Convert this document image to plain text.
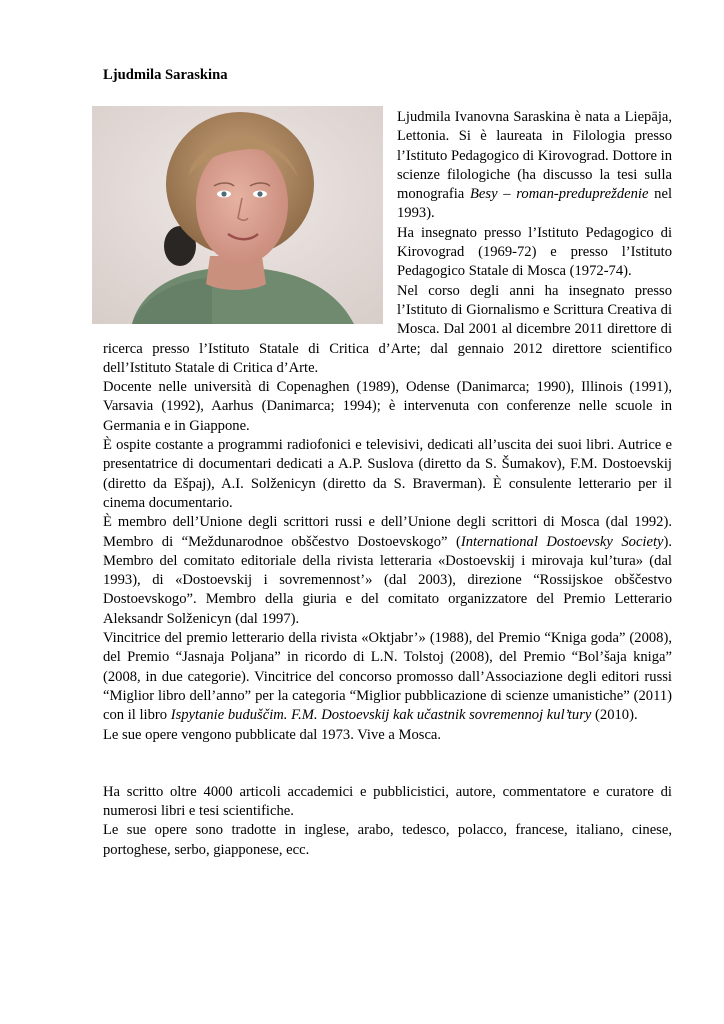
Ljudmila Saraskina

Ljudmila Ivanovna Saraskina è nata a Liepāja, Lettonia. Si è laureata in Filologia presso l’Istituto Pedagogico di Kirovograd. Dottore in scienze filologiche (ha discusso la tesi sulla monografia Besy – roman-predupreždenie nel 1993).

Ha insegnato presso l’Istituto Pedagogico di Kirovograd (1969-72) e presso l’Istituto Pedagogico Statale di Mosca (1972-74).

Nel corso degli anni ha insegnato presso l’Istituto di Giornalismo e Scrittura Creativa di Mosca. Dal 2001 al dicembre 2011 direttore di ricerca presso l’Istituto Statale di Critica d’Arte; dal gennaio 2012 direttore scientifico dell’Istituto Statale di Critica d’Arte.

Docente nelle università di Copenaghen (1989), Odense (Danimarca; 1990), Illinois (1991), Varsavia (1992), Aarhus (Danimarca; 1994); è intervenuta con conferenze nelle scuole in Germania e in Giappone.

È ospite costante a programmi radiofonici e televisivi, dedicati all’uscita dei suoi libri. Autrice e presentatrice di documentari dedicati a A.P. Suslova (diretto da S. Šumakov), F.M. Dostoevskij (diretto da Ešpaj), A.I. Solženicyn (diretto da S. Braverman). È consulente letterario per il cinema documentario.

È membro dell’Unione degli scrittori russi e dell’Unione degli scrittori di Mosca (dal 1992). Membro di “Meždunarodnoe obščestvo Dostoevskogo” (International Dostoevsky Society). Membro del comitato editoriale della rivista letteraria «Dostoevskij i mirovaja kul’tura» (dal 1993), di «Dostoevskij i sovremennost’» (dal 2003), direzione “Rossijskoe obščestvo Dostoevskogo”. Membro della giuria e del comitato organizzatore del Premio Letterario Aleksandr Solženicyn (dal 1997).

Vincitrice del premio letterario della rivista «Oktjabr’» (1988), del Premio “Kniga goda” (2008), del Premio “Jasnaja Poljana” in ricordo di L.N. Tolstoj (2008), del Premio “Bol’šaja kniga” (2008, in due categorie). Vincitrice del concorso promosso dall’Associazione degli editori russi “Miglior libro dell’anno” per la categoria “Miglior pubblicazione di scienze umanistiche” (2011) con il libro Ispytanie buduščim. F.M. Dostoevskij kak učastnik sovremennoj kul’tury (2010).

Le sue opere vengono pubblicate dal 1973. Vive a Mosca.

Ha scritto oltre 4000 articoli accademici e pubblicistici, autore, commentatore e curatore di numerosi libri e tesi scientifiche.

Le sue opere sono tradotte in inglese, arabo, tedesco, polacco, francese, italiano, cinese, portoghese, serbo, giapponese, ecc.
